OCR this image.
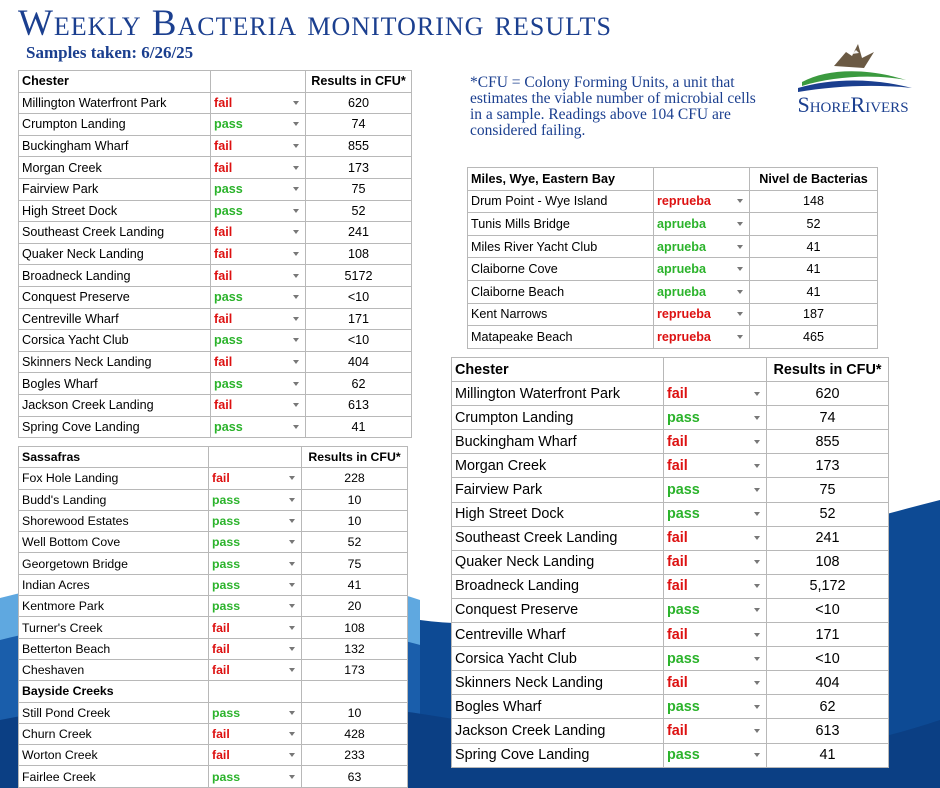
Weekly Bacteria monitoring results
Samples taken: 6/26/25
*CFU = Colony Forming Units, a unit that estimates the viable number of microbial cells in a sample. Readings above 104 CFU are considered failing.
ShoreRivers
Chester		Results in CFU*
Millington Waterfront Park	fail	620
Crumpton Landing	pass	74
Buckingham Wharf	fail	855
Morgan Creek	fail	173
Fairview Park	pass	75
High Street Dock	pass	52
Southeast Creek Landing	fail	241
Quaker Neck Landing	fail	108
Broadneck Landing	fail	5172
Conquest Preserve	pass	<10
Centreville Wharf	fail	171
Corsica Yacht Club	pass	<10
Skinners Neck Landing	fail	404
Bogles Wharf	pass	62
Jackson Creek Landing	fail	613
Spring Cove Landing	pass	41
Sassafras		Results in CFU*
Fox Hole Landing	fail	228
Budd's Landing	pass	10
Shorewood Estates	pass	10
Well Bottom Cove	pass	52
Georgetown Bridge	pass	75
Indian Acres	pass	41
Kentmore Park	pass	20
Turner's Creek	fail	108
Betterton Beach	fail	132
Cheshaven	fail	173
Bayside Creeks		
Still Pond Creek	pass	10
Churn Creek	fail	428
Worton Creek	fail	233
Fairlee Creek	pass	63
Miles, Wye, Eastern Bay		Nivel de Bacterias
Drum Point - Wye Island	reprueba	148
Tunis Mills Bridge	aprueba	52
Miles River Yacht Club	aprueba	41
Claiborne Cove	aprueba	41
Claiborne Beach	aprueba	41
Kent Narrows	reprueba	187
Matapeake Beach	reprueba	465
Chester		Results in CFU*
Millington Waterfront Park	fail	620
Crumpton Landing	pass	74
Buckingham Wharf	fail	855
Morgan Creek	fail	173
Fairview Park	pass	75
High Street Dock	pass	52
Southeast Creek Landing	fail	241
Quaker Neck Landing	fail	108
Broadneck Landing	fail	5,172
Conquest Preserve	pass	<10
Centreville Wharf	fail	171
Corsica Yacht Club	pass	<10
Skinners Neck Landing	fail	404
Bogles Wharf	pass	62
Jackson Creek Landing	fail	613
Spring Cove Landing	pass	41
